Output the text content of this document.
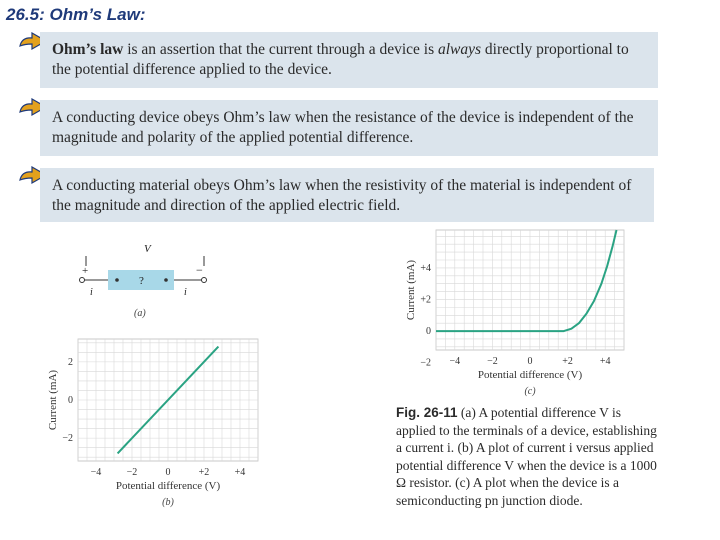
26.5: Ohm’s Law:
Ohm’s law is an assertion that the current through a device is always directly proportional to the potential difference applied to the device.
A conducting device obeys Ohm’s law when the resistance of the device is independent of the magnitude and polarity of the applied potential difference.
A conducting material obeys Ohm’s law when the resistivity of the material is independent of the magnitude and direction of the applied electric field.
V
+	−
?
i	i
(a)
−4	−2	0	+2	+4
−2
0
2
Potential difference (V)
Current (mA)
(b)
−4	−2	0	+2	+4
−2
0
+2
+4
Potential difference (V)
Current (mA)
(c)
Fig. 26-11 (a) A potential difference V is applied to the terminals of a device, establishing a current i. (b) A plot of current i versus applied potential difference V when the device is a 1000 Ω resistor. (c) A plot when the device is a semiconducting pn junction diode.
